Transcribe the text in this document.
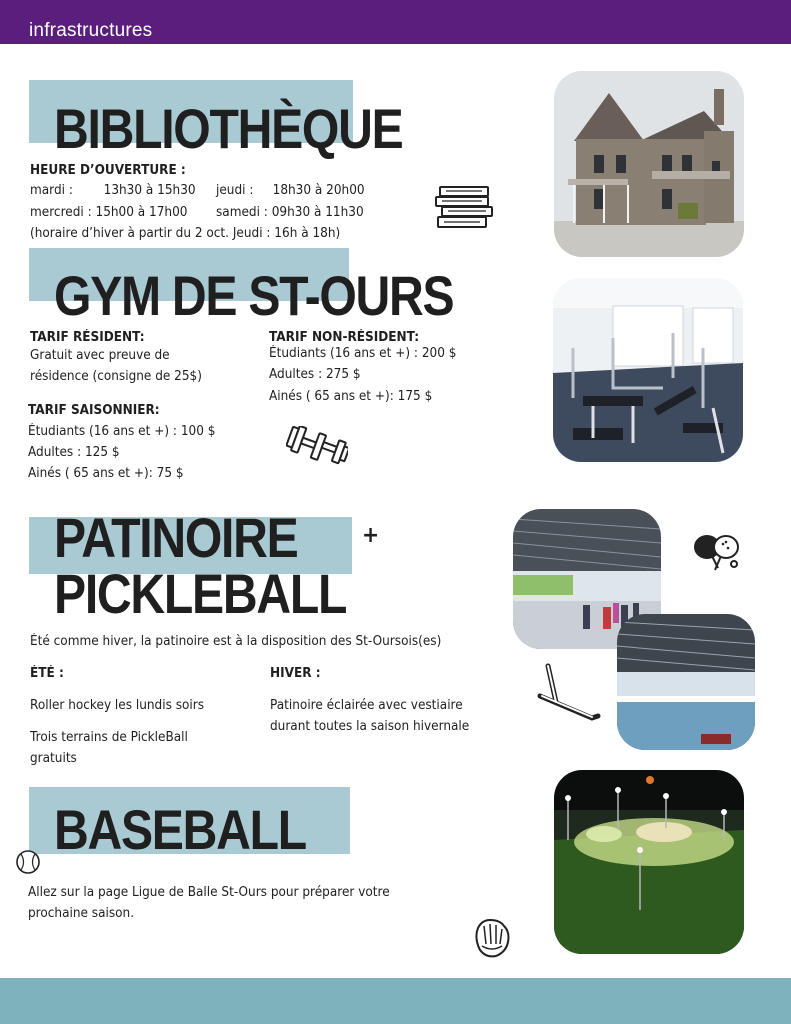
infrastructures
BIBLIOTHÈQUE
HEURE D’OUVERTURE :
mardi :        13h30 à 15h30 jeudi :     18h30 à 20h00
mercredi : 15h00 à 17h00 samedi : 09h30 à 11h30
(horaire d’hiver à partir du 2 oct. Jeudi : 16h à 18h)
GYM DE ST-OURS
TARIF RÉSIDENT:
Gratuit avec preuve de
résidence (consigne de 25$)
TARIF SAISONNIER:
Étudiants (16 ans et +) : 100 $
Adultes : 125 $
Ainés ( 65 ans et +): 75 $
TARIF NON-RÉSIDENT:
Étudiants (16 ans et +) : 200 $
Adultes : 275 $
Ainés ( 65 ans et +): 175 $
PATINOIRE	+
PICKLEBALL
Été comme hiver, la patinoire est à la disposition des St-Oursois(es)
ÉTÉ :
Roller hockey les lundis soirs
Trois terrains de PickleBall
gratuits
HIVER :
Patinoire éclairée avec vestiaire
durant toutes la saison hivernale
BASEBALL
Allez sur la page Ligue de Balle St-Ours pour préparer votre
prochaine saison.
